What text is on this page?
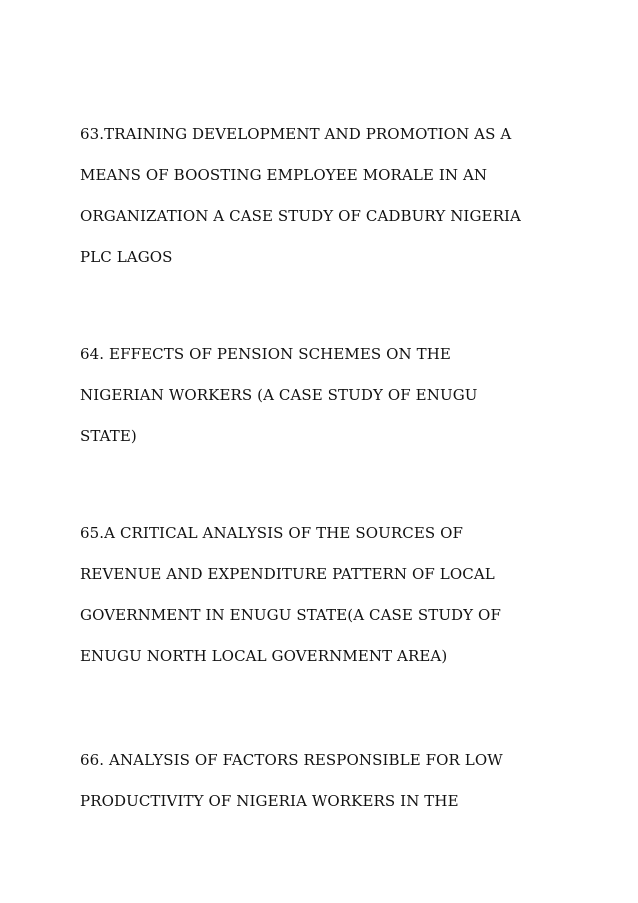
63.TRAINING DEVELOPMENT AND PROMOTION AS A
MEANS OF BOOSTING EMPLOYEE MORALE IN AN
ORGANIZATION A CASE STUDY OF CADBURY NIGERIA
PLC LAGOS
64. EFFECTS OF PENSION SCHEMES ON THE
NIGERIAN WORKERS (A CASE STUDY OF ENUGU
STATE)
65.A CRITICAL ANALYSIS OF THE SOURCES OF
REVENUE AND EXPENDITURE PATTERN OF LOCAL
GOVERNMENT IN ENUGU STATE(A CASE STUDY OF
ENUGU NORTH LOCAL GOVERNMENT AREA)
66. ANALYSIS OF FACTORS RESPONSIBLE FOR LOW
PRODUCTIVITY OF NIGERIA WORKERS IN THE
